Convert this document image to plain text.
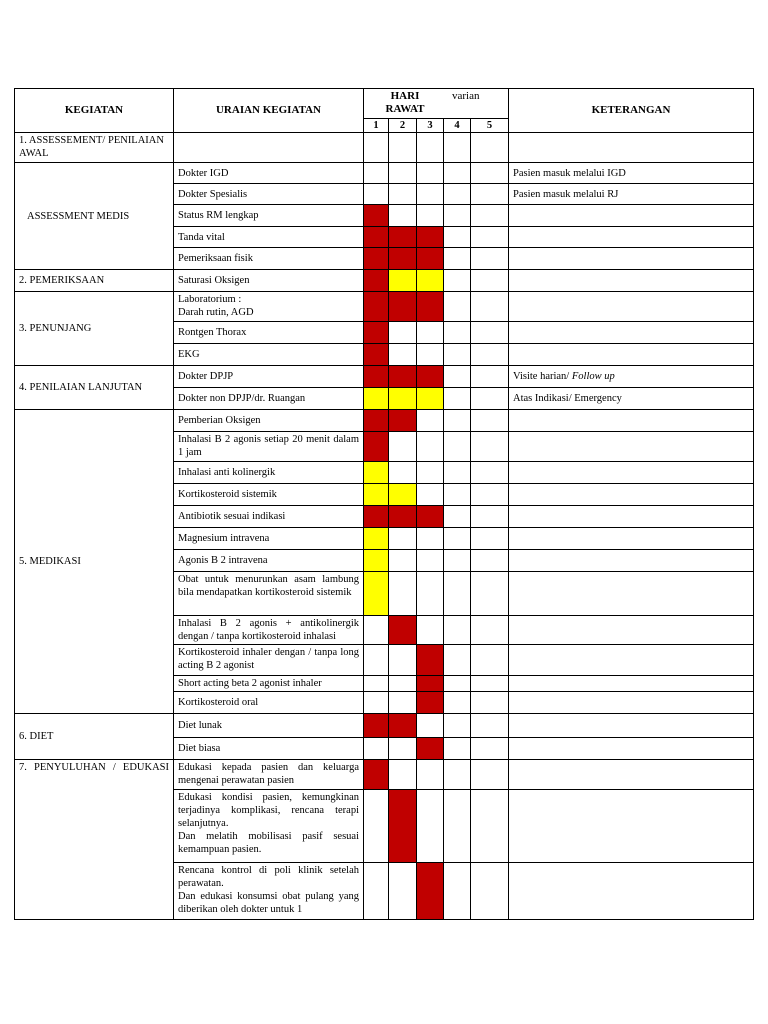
KEGIATAN	URAIAN KEGIATAN	HARI
RAWAT
varian					KETERANGAN
		1	2	3	4	5	
1. ASSESSEMENT/ PENILAIAN AWAL							
ASSESSMENT MEDIS	Dokter IGD						Pasien masuk melalui IGD
	Dokter Spesialis						Pasien masuk melalui RJ
	Status RM lengkap						
	Tanda vital						
	Pemeriksaan fisik						
2. PEMERIKSAAN	Saturasi Oksigen						
3. PENUNJANG	Laboratorium :
Darah rutin, AGD						
	Rontgen Thorax						
	EKG						
4. PENILAIAN LANJUTAN	Dokter DPJP						Visite harian/ Follow up
	Dokter non DPJP/dr. Ruangan						Atas Indikasi/ Emergency
5. MEDIKASI	Pemberian Oksigen						
	Inhalasi B 2 agonis setiap 20 menit dalam 1 jam						
	Inhalasi anti kolinergik						
	Kortikosteroid sistemik						
	Antibiotik sesuai indikasi						
	Magnesium intravena						
	Agonis B 2 intravena						
	Obat untuk menurunkan asam lambung bila mendapatkan kortikosteroid sistemik						
	Inhalasi B 2 agonis + antikolinergik dengan / tanpa kortikosteroid inhalasi						
	Kortikosteroid inhaler dengan / tanpa long acting B 2 agonist						
	Short acting beta 2 agonist inhaler						
	Kortikosteroid oral						
6. DIET	Diet lunak						
	Diet biasa						
7. PENYULUHAN / EDUKASI	Edukasi kepada pasien dan keluarga mengenai perawatan pasien						
	Edukasi kondisi pasien, kemungkinan terjadinya komplikasi, rencana terapi selanjutnya.
Dan melatih mobilisasi pasif sesuai kemampuan pasien.						
	Rencana kontrol di poli klinik setelah perawatan.
Dan edukasi konsumsi obat pulang yang diberikan oleh dokter untuk 1						
